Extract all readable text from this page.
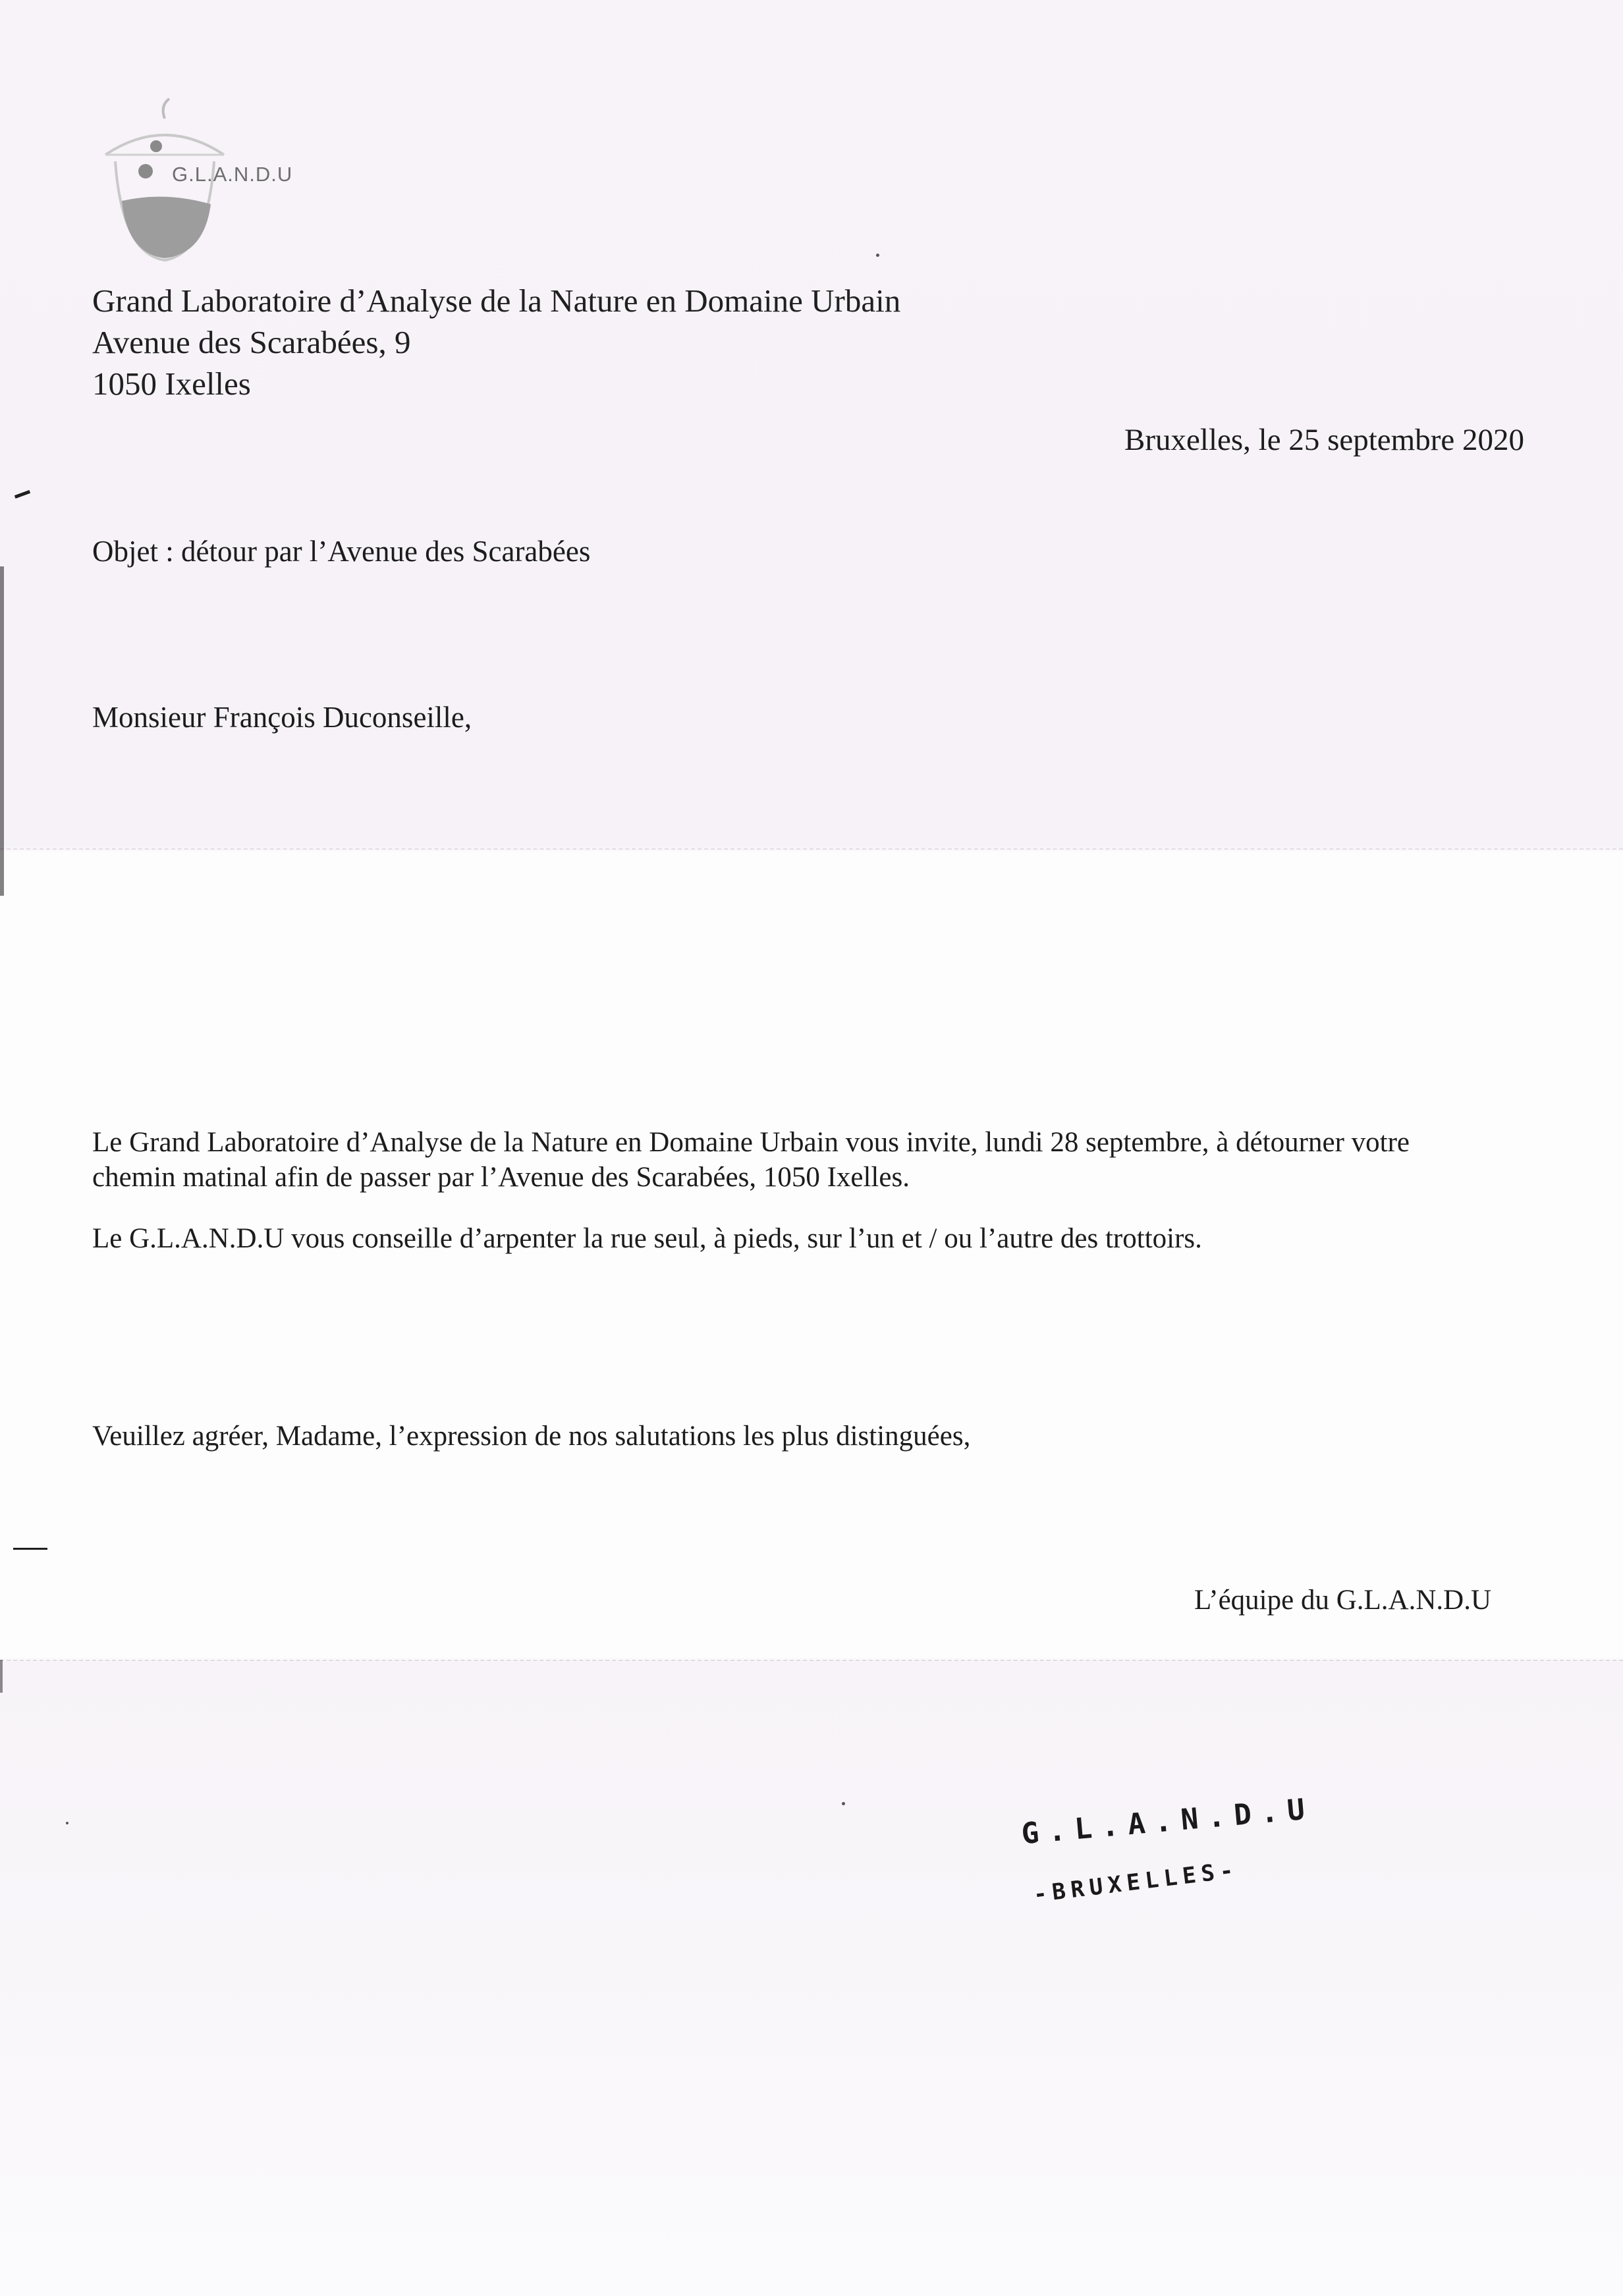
G.L.A.N.D.U
Grand Laboratoire d’Analyse de la Nature en Domaine Urbain
Avenue des Scarabées, 9
1050 Ixelles
Bruxelles, le 25 septembre 2020
Objet : détour par l’Avenue des Scarabées
Monsieur François Duconseille,
Le Grand Laboratoire d’Analyse de la Nature en Domaine Urbain vous invite, lundi 28 septembre, à détourner votre
chemin matinal afin de passer par l’Avenue des Scarabées, 1050 Ixelles.
Le G.L.A.N.D.U vous conseille d’arpenter la rue seul, à pieds, sur l’un et / ou l’autre des trottoirs.
Veuillez agréer, Madame, l’expression de nos salutations les plus distinguées,
L’équipe du G.L.A.N.D.U
G.L.A.N.D.U
-BRUXELLES-
